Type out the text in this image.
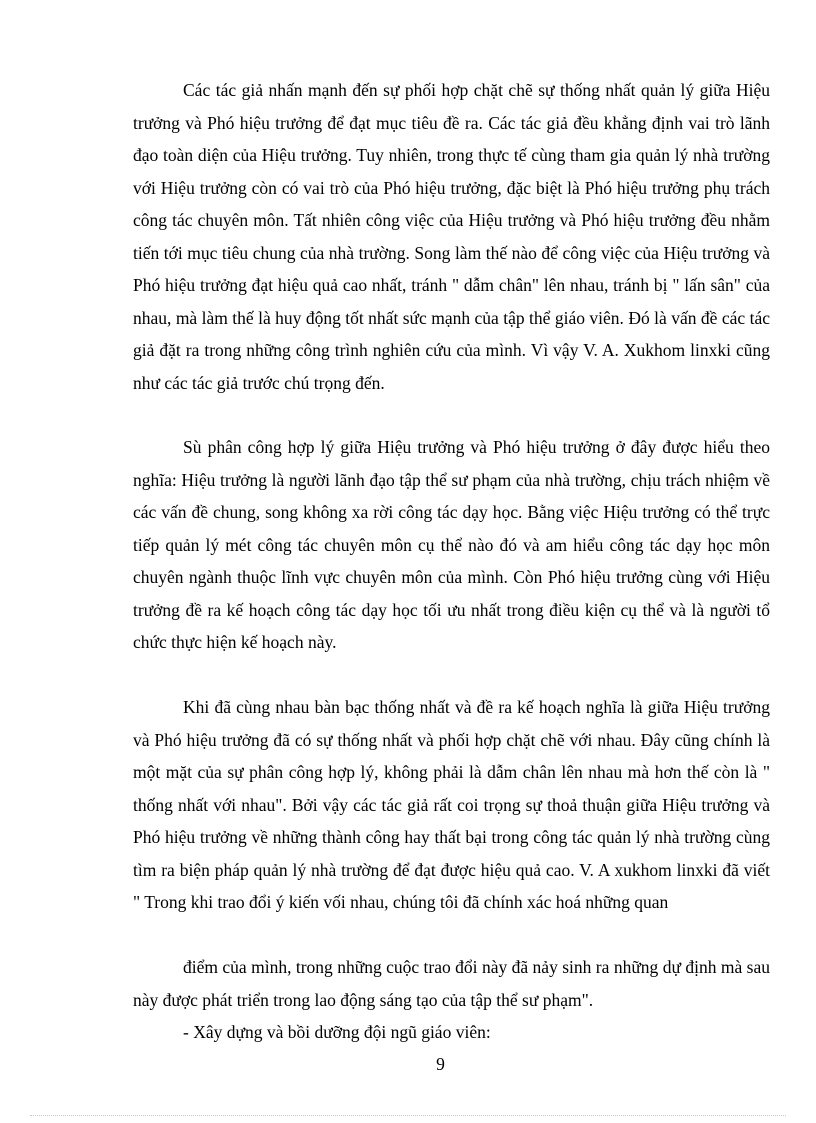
Các tác giả nhấn mạnh đến sự phối hợp chặt chẽ sự thống nhất quản lý giữa Hiệu trưởng và Phó hiệu trưởng để đạt mục tiêu đề ra. Các tác giả đều khẳng định vai trò lãnh đạo toàn diện của Hiệu trưởng. Tuy nhiên, trong thực tế cùng tham gia quản lý nhà trường với Hiệu trưởng còn có vai trò của Phó hiệu trưởng, đặc biệt là Phó hiệu trưởng phụ trách công tác chuyên môn. Tất nhiên công việc của Hiệu trưởng và Phó hiệu trưởng đều nhằm tiến tới mục tiêu chung của nhà trường. Song làm thế nào để công việc của Hiệu trưởng và Phó hiệu trưởng đạt hiệu quả cao nhất, tránh " dẫm chân" lên nhau, tránh bị " lấn sân" của nhau, mà làm thế là huy động tốt nhất sức mạnh của tập thể giáo viên. Đó là vấn đề các tác giả đặt ra trong những công trình nghiên cứu của mình. Vì vậy V. A. Xukhom linxki cũng như các tác giả trước chú trọng đến.

Sù phân công hợp lý giữa Hiệu trưởng và Phó hiệu trưởng ở đây được hiểu theo nghĩa: Hiệu trưởng là người lãnh đạo tập thể sư phạm của nhà trường, chịu trách nhiệm về các vấn đề chung, song không xa rời công tác dạy học. Bằng việc Hiệu trưởng có thể trực tiếp quản lý mét công tác chuyên môn cụ thể nào đó và am hiểu công tác dạy học môn chuyên ngành thuộc lĩnh vực chuyên môn của mình. Còn Phó hiệu trưởng cùng với Hiệu trưởng đề ra kế hoạch công tác dạy học tối ưu nhất trong điều kiện cụ thể và là người tổ chức thực hiện kế hoạch này.

Khi đã cùng nhau bàn bạc thống nhất và đề ra kế hoạch nghĩa là giữa Hiệu trưởng và Phó hiệu trưởng đã có sự thống nhất và phối hợp chặt chẽ với nhau. Đây cũng chính là một mặt của sự phân công hợp lý, không phải là dẫm chân lên nhau mà hơn thế còn là " thống nhất với nhau". Bởi vậy các tác giả rất coi trọng sự thoả thuận giữa Hiệu trưởng và Phó hiệu trưởng về những thành công hay thất bại trong công tác quản lý nhà trường cùng tìm ra biện pháp quản lý nhà trường để đạt được hiệu quả cao. V. A xukhom linxki đã viết " Trong khi trao đổi ý kiến vối nhau, chúng tôi đã chính xác hoá những quan

điểm của mình, trong những cuộc trao đổi này đã nảy sinh ra những dự định mà sau này được phát triển trong lao động sáng tạo của tập thể sư phạm".

- Xây dựng và bồi dưỡng đội ngũ giáo viên:

9
